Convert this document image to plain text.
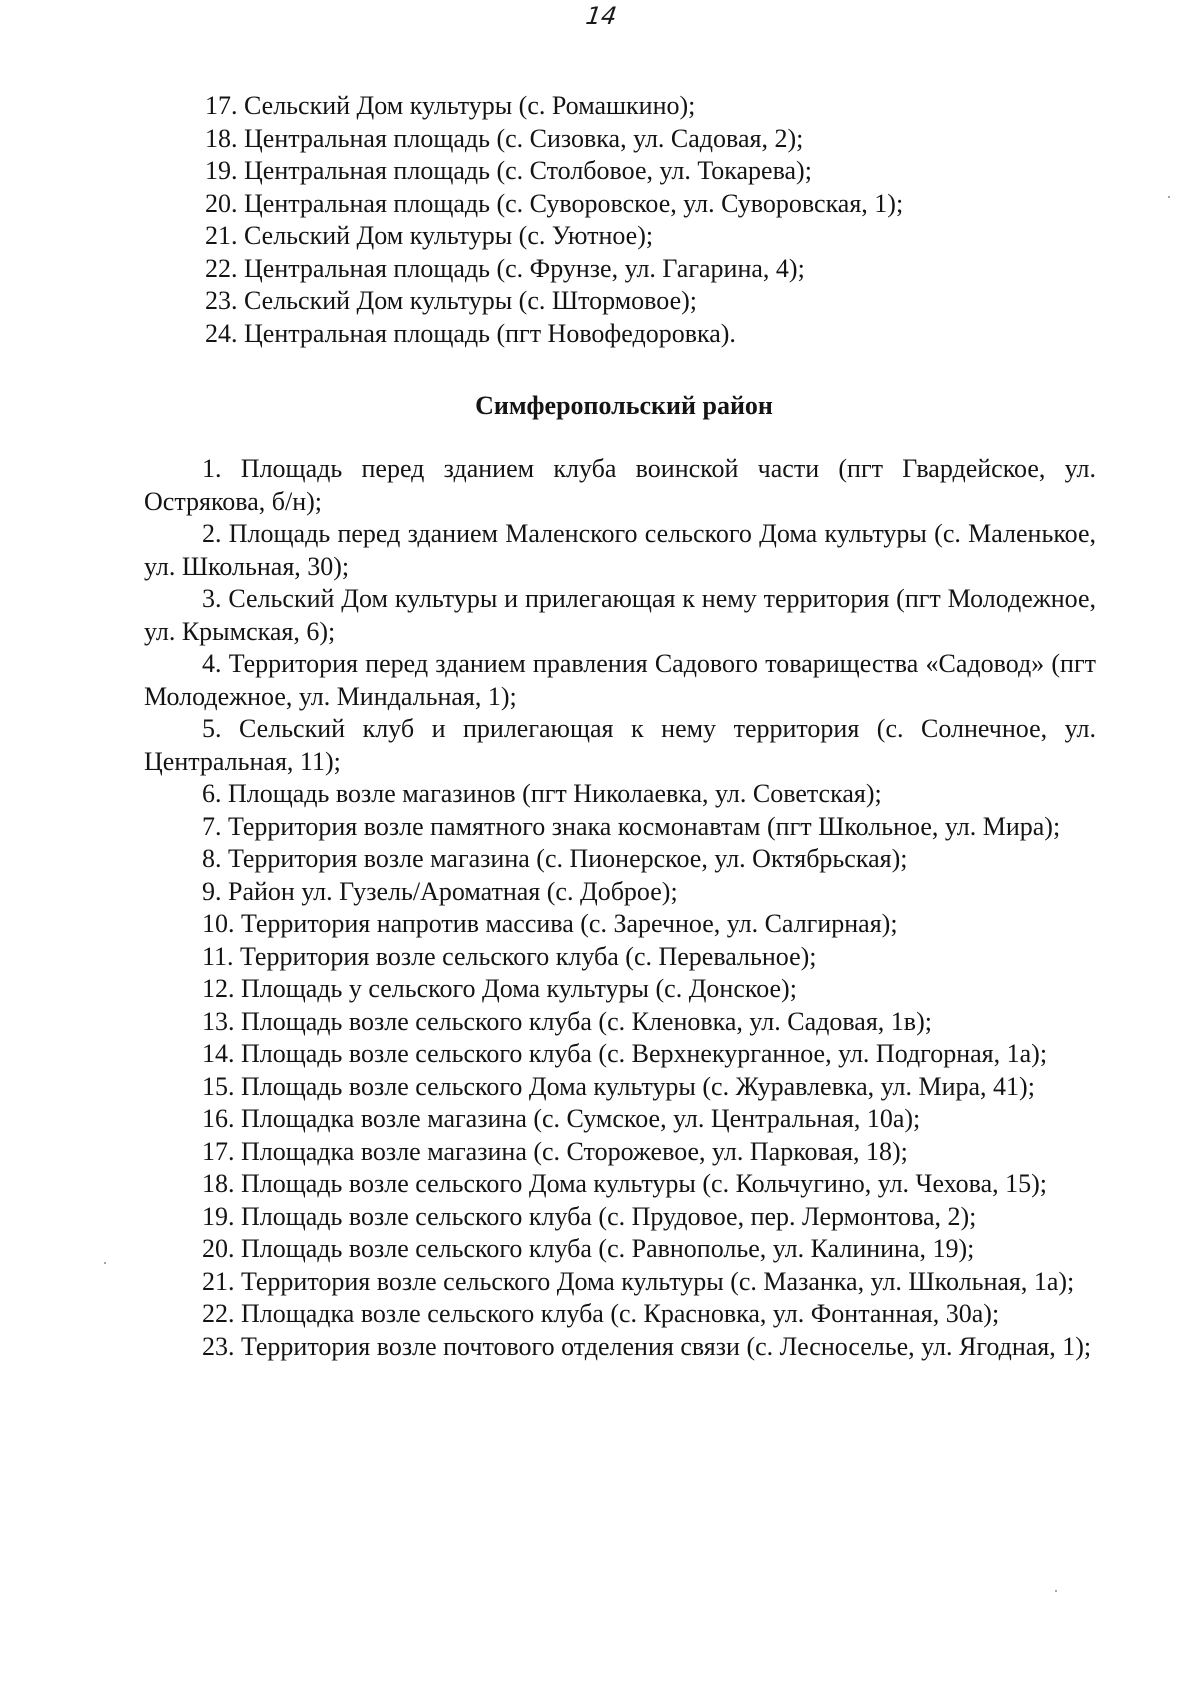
14
17. Сельский Дом культуры (с. Ромашкино);
18. Центральная площадь (с. Сизовка, ул. Садовая, 2);
19. Центральная площадь (с. Столбовое, ул. Токарева);
20. Центральная площадь (с. Суворовское, ул. Суворовская, 1);
21. Сельский Дом культуры (с. Уютное);
22. Центральная площадь (с. Фрунзе, ул. Гагарина, 4);
23. Сельский Дом культуры (с. Штормовое);
24. Центральная площадь (пгт Новофедоровка).
Симферопольский район
1. Площадь перед зданием клуба воинской части (пгт Гвардейское, ул. Острякова, б/н);
2. Площадь перед зданием Маленского сельского Дома культуры (с. Маленькое, ул. Школьная, 30);
3. Сельский Дом культуры и прилегающая к нему территория (пгт Молодежное, ул. Крымская, 6);
4. Территория перед зданием правления Садового товарищества «Садовод» (пгт Молодежное, ул. Миндальная, 1);
5. Сельский клуб и прилегающая к нему территория (с. Солнечное, ул. Центральная, 11);
6. Площадь возле магазинов (пгт Николаевка, ул. Советская);
7. Территория возле памятного знака космонавтам (пгт Школьное, ул. Мира);
8. Территория возле магазина (с. Пионерское, ул. Октябрьская);
9. Район ул. Гузель/Ароматная (с. Доброе);
10. Территория напротив массива (с. Заречное, ул. Салгирная);
11. Территория возле сельского клуба (с. Перевальное);
12. Площадь у сельского Дома культуры (с. Донское);
13. Площадь возле сельского клуба (с. Кленовка, ул. Садовая, 1в);
14. Площадь возле сельского клуба (с. Верхнекурганное, ул. Подгорная, 1а);
15. Площадь возле сельского Дома культуры (с. Журавлевка, ул. Мира, 41);
16. Площадка возле магазина (с. Сумское, ул. Центральная, 10а);
17. Площадка возле магазина (с. Сторожевое, ул. Парковая, 18);
18. Площадь возле сельского Дома культуры (с. Кольчугино, ул. Чехова, 15);
19. Площадь возле сельского клуба (с. Прудовое, пер. Лермонтова, 2);
20. Площадь возле сельского клуба (с. Равнополье, ул. Калинина, 19);
21. Территория возле сельского Дома культуры (с. Мазанка, ул. Школьная, 1а);
22. Площадка возле сельского клуба (с. Красновка, ул. Фонтанная, 30а);
23. Территория возле почтового отделения связи (с. Лесноселье, ул. Ягодная, 1);
